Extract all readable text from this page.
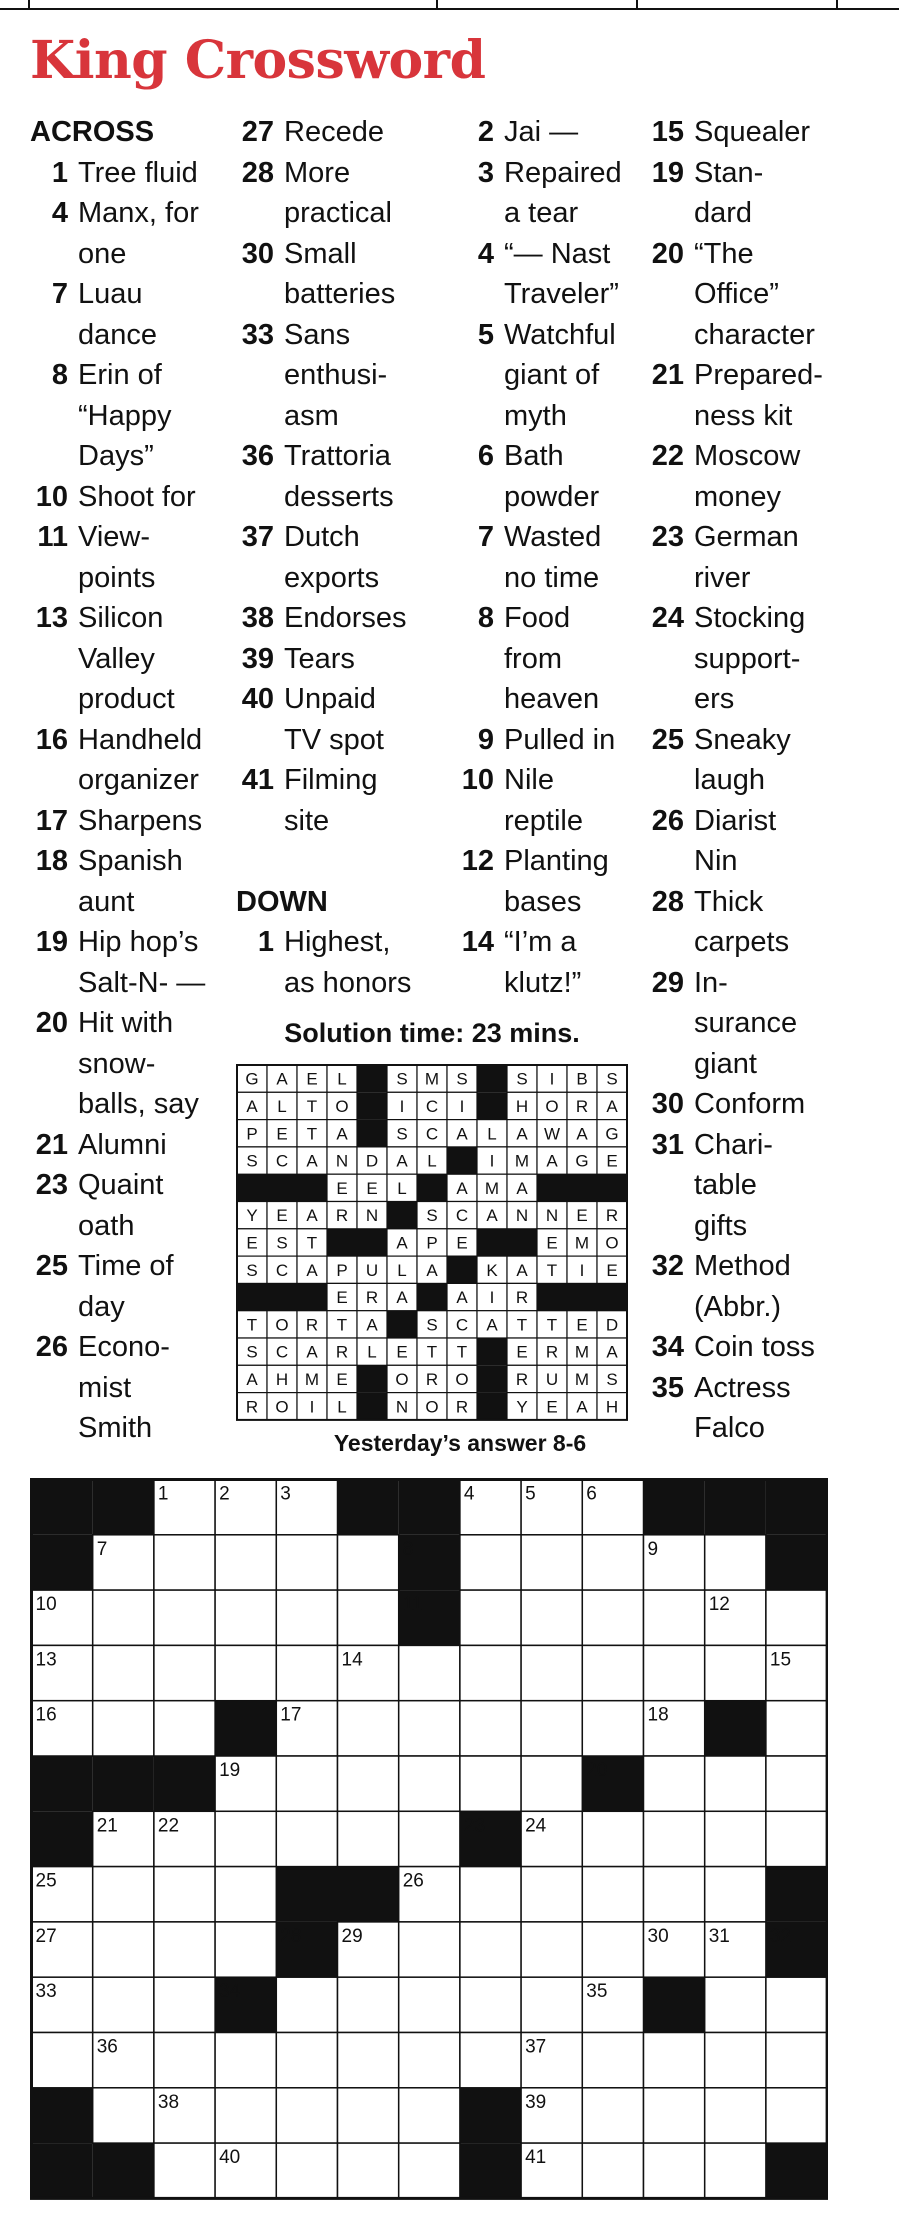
King Crossword
ACROSS
1 Tree fluid
4 Manx, for
one
7 Luau
dance
8 Erin of
“Happy
Days”
10 Shoot for
11 View-
points
13 Silicon
Valley
product
16 Handheld
organizer
17 Sharpens
18 Spanish
aunt
19 Hip hop’s
Salt-N- —
20 Hit with
snow-
balls, say
21 Alumni
23 Quaint
oath
25 Time of
day
26 Econo-
mist
Smith
27 Recede
28 More
practical
30 Small
batteries
33 Sans
enthusi-
asm
36 Trattoria
desserts
37 Dutch
exports
38 Endorses
39 Tears
40 Unpaid
TV spot
41 Filming
site
DOWN
1 Highest,
as honors
2 Jai —
3 Repaired
a tear
4 “— Nast
Traveler”
5 Watchful
giant of
myth
6 Bath
powder
7 Wasted
no time
8 Food
from
heaven
9 Pulled in
10 Nile
reptile
12 Planting
bases
14 “I’m a
klutz!”
15 Squealer
19 Stan-
dard
20 “The
Office”
character
21 Prepared-
ness kit
22 Moscow
money
23 German
river
24 Stocking
support-
ers
25 Sneaky
laugh
26 Diarist
Nin
28 Thick
carpets
29 In-
surance
giant
30 Conform
31 Chari-
table
gifts
32 Method
(Abbr.)
34 Coin toss
35 Actress
Falco
Solution time: 23 mins.
G A E L	S M S	S I B S
A L T O	I C I	H O R A
P E T A	S C A L A W A G
S C A N D A L	I M A G E
E E L	A M A
Y E A R N	S C A N N E R
E S T	A P E	E M O
S C A P U L A	K A T I E
E R A	A I R
T O R T A	S C A T T E D
S C A R L E T T	E R M A
A H M E	O R O	R U M S
R O I L	N O R	Y E A H
Yesterday’s answer 8-6
1	2	3	4	5	6
7	8	9
10	11	12
13	14	15
16	17	18
19	20
21 22	23 24
25	26
27	28 29	30 31 32
33	34	35
36	37
38	39
40	41
